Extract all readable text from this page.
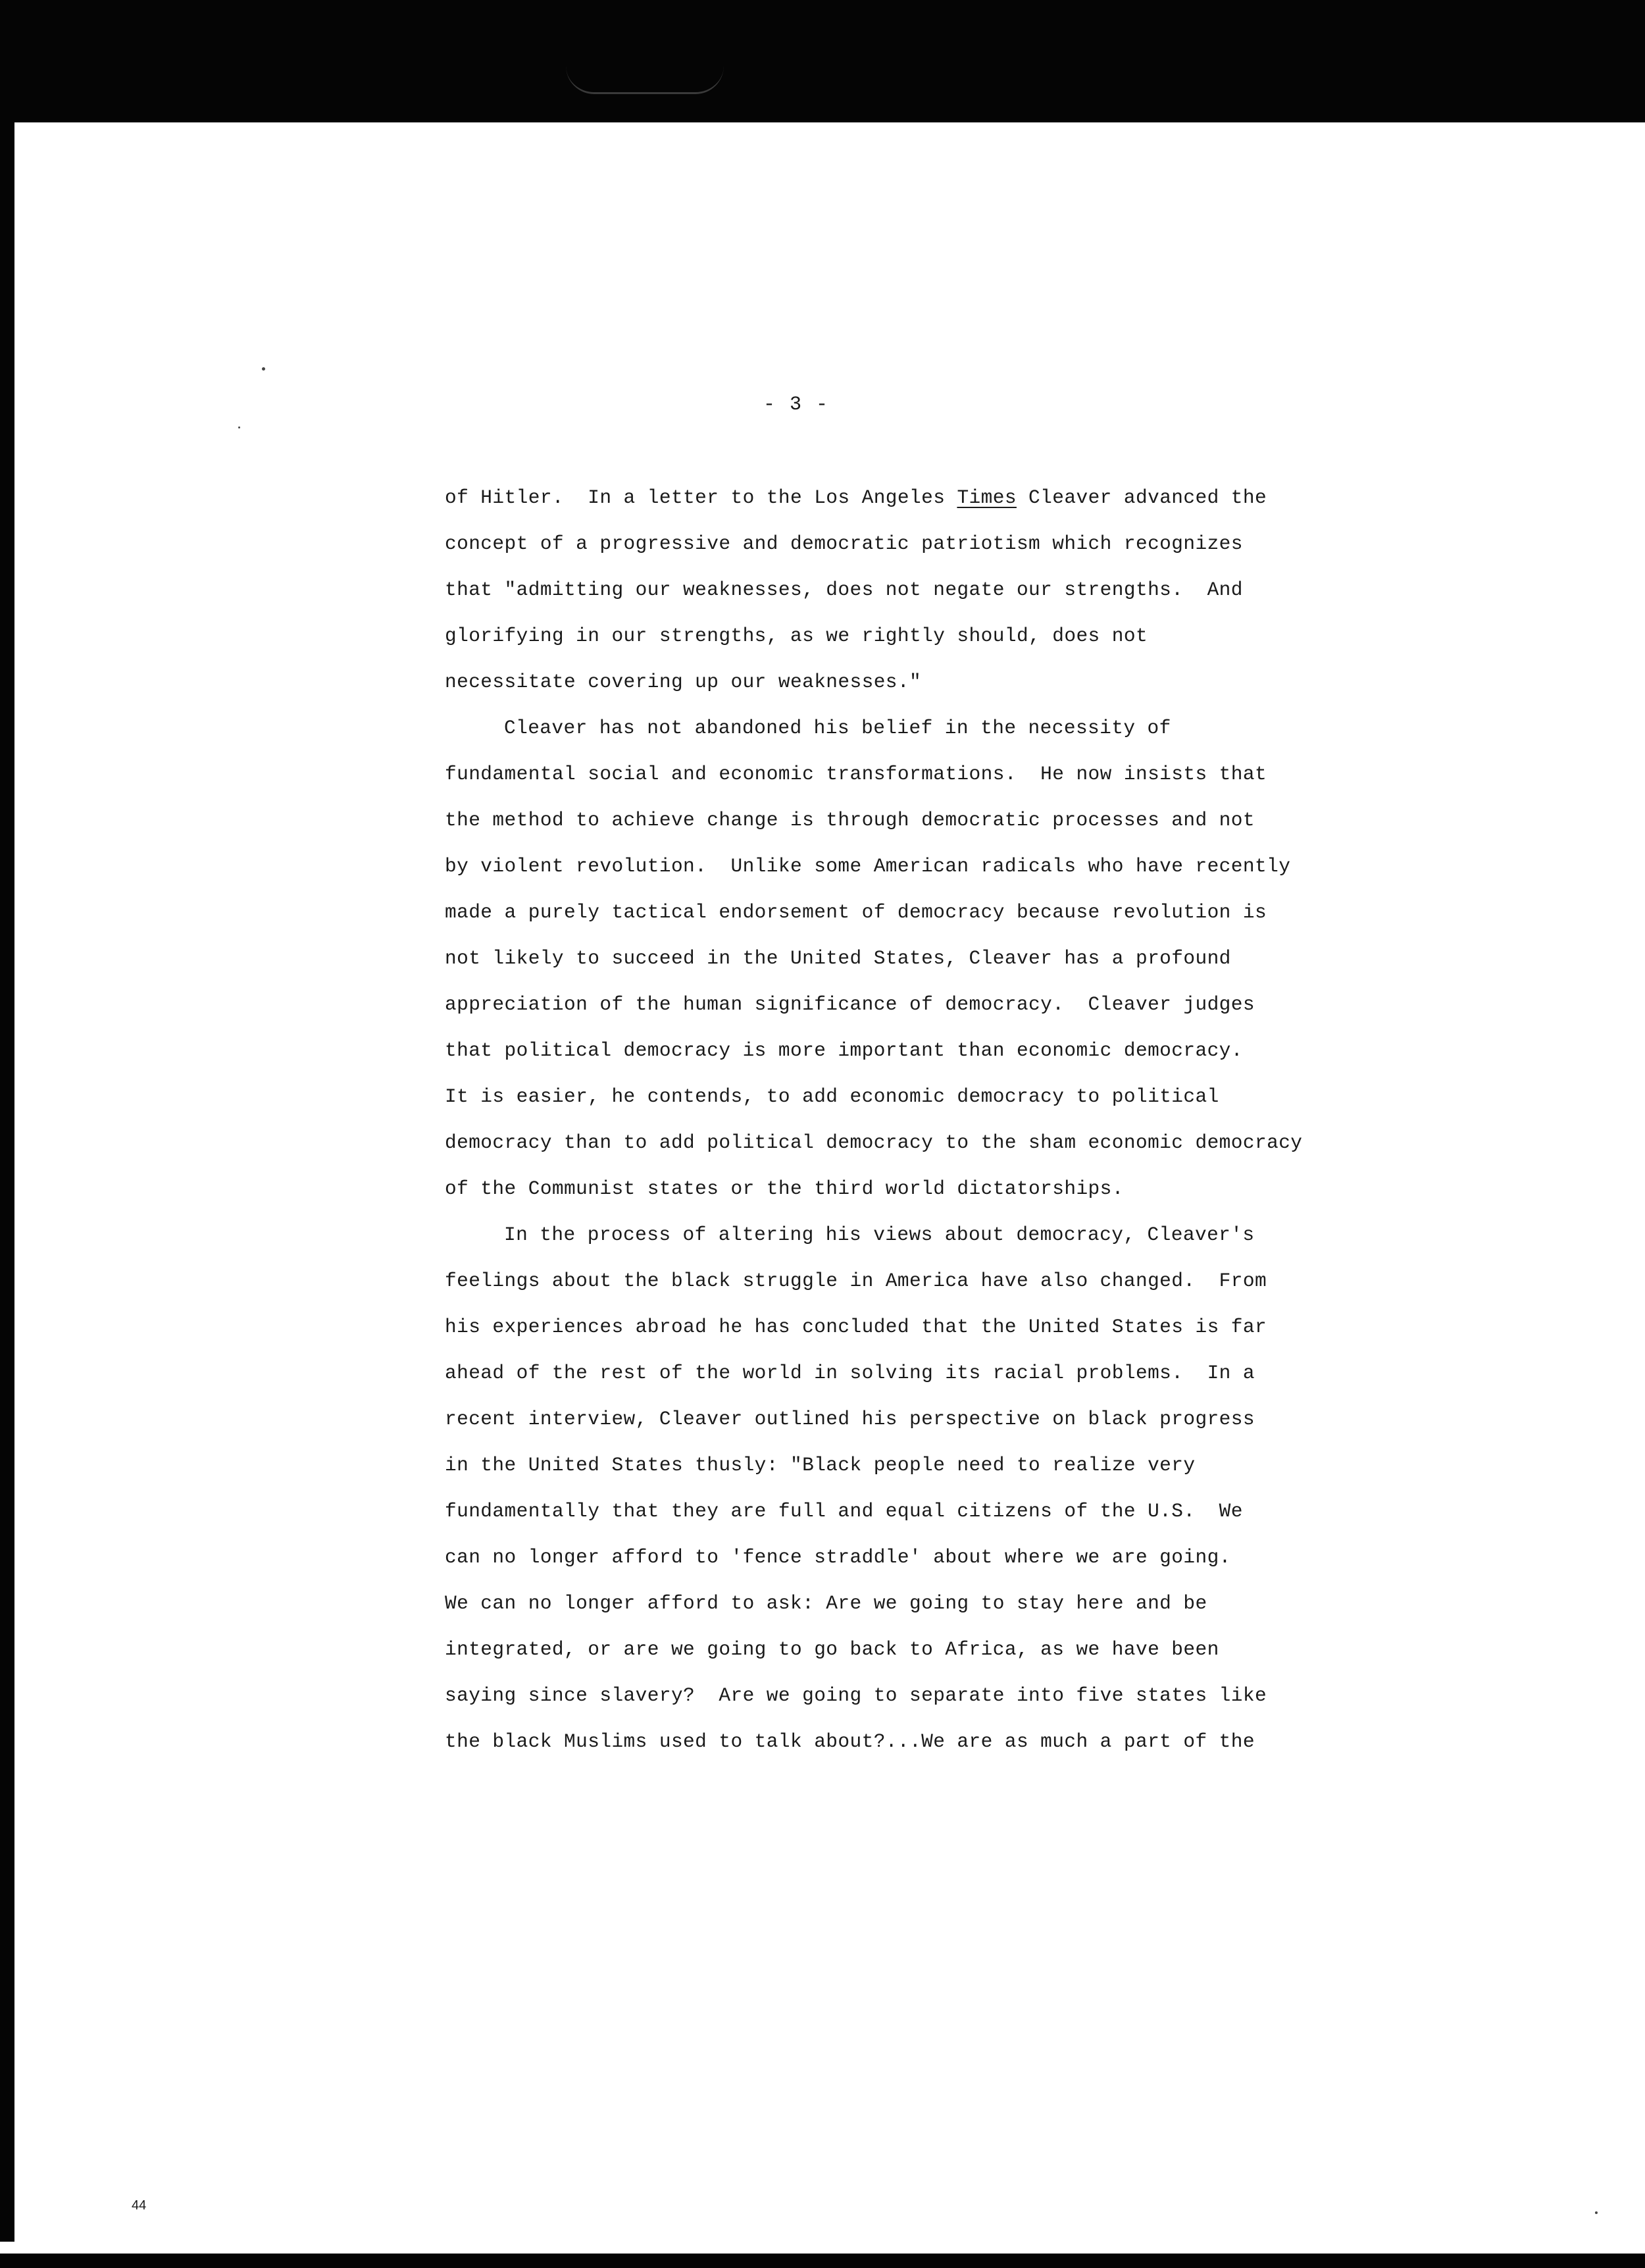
- 3 -
of Hitler.  In a letter to the Los Angeles Times Cleaver advanced the
concept of a progressive and democratic patriotism which recognizes
that "admitting our weaknesses, does not negate our strengths.  And
glorifying in our strengths, as we rightly should, does not
necessitate covering up our weaknesses."
Cleaver has not abandoned his belief in the necessity of
fundamental social and economic transformations.  He now insists that
the method to achieve change is through democratic processes and not
by violent revolution.  Unlike some American radicals who have recently
made a purely tactical endorsement of democracy because revolution is
not likely to succeed in the United States, Cleaver has a profound
appreciation of the human significance of democracy.  Cleaver judges
that political democracy is more important than economic democracy.
It is easier, he contends, to add economic democracy to political
democracy than to add political democracy to the sham economic democracy
of the Communist states or the third world dictatorships.
In the process of altering his views about democracy, Cleaver's
feelings about the black struggle in America have also changed.  From
his experiences abroad he has concluded that the United States is far
ahead of the rest of the world in solving its racial problems.  In a
recent interview, Cleaver outlined his perspective on black progress
in the United States thusly: "Black people need to realize very
fundamentally that they are full and equal citizens of the U.S.  We
can no longer afford to 'fence straddle' about where we are going.
We can no longer afford to ask: Are we going to stay here and be
integrated, or are we going to go back to Africa, as we have been
saying since slavery?  Are we going to separate into five states like
the black Muslims used to talk about?...We are as much a part of the
44
